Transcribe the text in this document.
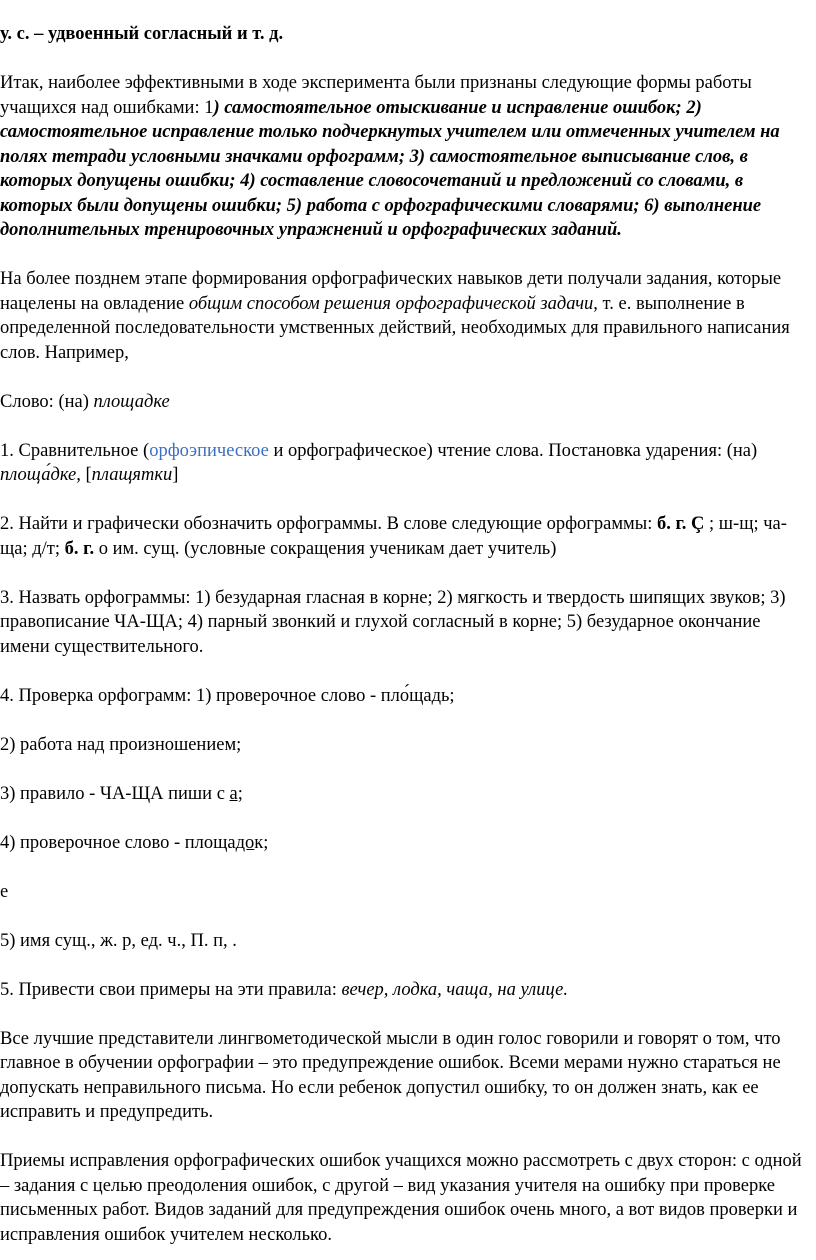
у. с. – удвоенный согласный и т. д.

Итак, наиболее эффективными в ходе эксперимента были признаны следующие формы работы учащихся над ошибками: 1) самостоятельное отыскивание и исправление ошибок; 2) самостоятельное исправление только подчеркнутых учителем или отмеченных учителем на полях тетради условными значками орфограмм; 3) самостоятельное выписывание слов, в которых допущены ошибки; 4) составление словосочетаний и предложений со словами, в которых были допущены ошибки; 5) работа с орфографическими словарями; 6) выполнение дополнительных тренировочных упражнений и орфографических заданий.

На более позднем этапе формирования орфографических навыков дети получали задания, которые нацелены на овладение общим способом решения орфографической задачи, т. е. выполнение в определенной последовательности умственных действий, необходимых для правильного написания слов. Например,

Слово: (на) площадке

1. Сравнительное (орфоэпическое и орфографическое) чтение слова. Постановка ударения: (на) площа́дке, [плащятки]

2. Найти и графически обозначить орфограммы. В слове следующие орфограммы: б. г. Ç ; ш-щ; ча-ща; д/т; б. г. о им. сущ. (условные сокращения ученикам дает учитель)

3. Назвать орфограммы: 1) безударная гласная в корне; 2) мягкость и твердость шипящих звуков; 3) правописание ЧА-ЩА; 4) парный звонкий и глухой согласный в корне; 5) безударное окончание имени существительного.

4. Проверка орфограмм: 1) проверочное слово - пло́щадь;

2) работа над произношением;

3) правило - ЧА-ЩА пиши с а;

4) проверочное слово - площадок;

е

5) имя сущ., ж. р, ед. ч., П. п, .

5. Привести свои примеры на эти правила: вечер, лодка, чаща, на улице.

Все лучшие представители лингвометодической мысли в один голос говорили и говорят о том, что главное в обучении орфографии – это предупреждение ошибок. Всеми мерами нужно стараться не допускать неправильного письма. Но если ребенок допустил ошибку, то он должен знать, как ее исправить и предупредить.

Приемы исправления орфографических ошибок учащихся можно рассмотреть с двух сторон: с одной – задания с целью преодоления ошибок, с другой – вид указания учителя на ошибку при проверке письменных работ. Видов заданий для предупреждения ошибок очень много, а вот видов проверки и исправления ошибок учителем несколько.
